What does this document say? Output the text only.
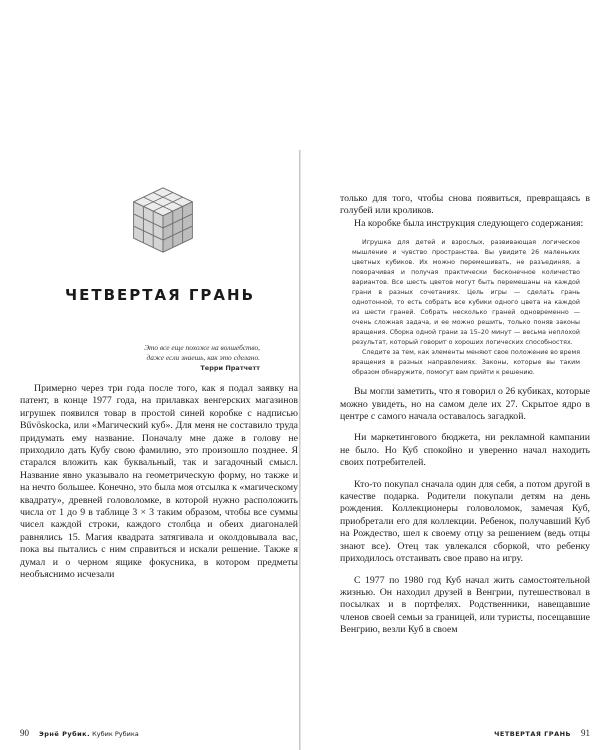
ЧЕТВЕРТАЯ ГРАНЬ

Это все еще похоже на волшебство,
даже если знаешь, как это сделано.

Терри Пратчетт

Примерно через три года после того, как я подал заявку на патент, в конце 1977 года, на прилавках венгерских магазинов игрушек появился товар в простой синей коробке с надписью Bűvöskocka, или «Магический куб». Для меня не составило труда придумать ему название. Поначалу мне даже в голову не приходило дать Кубу свою фамилию, это произошло позднее. Я старался вложить как буквальный, так и загадочный смысл. Название явно указывало на геометрическую форму, но также и на нечто большее. Конечно, это была моя отсылка к «магическому квадрату», древней головоломке, в которой нужно расположить числа от 1 до 9 в таблице 3 × 3 таким образом, чтобы все суммы чисел каждой строки, каждого столбца и обеих диагоналей равнялись 15. Магия квадрата затягивала и околдовывала вас, пока вы пытались с ним справиться и искали решение. Также я думал и о черном ящике фокусника, в котором предметы необъяснимо исчезали

90 Эрнё Рубик. Кубик Рубика

только для того, чтобы снова появиться, превращаясь в голубей или кроликов.

На коробке была инструкция следующего содержания:

Игрушка для детей и взрослых, развивающая логическое мышление и чувство пространства. Вы увидите 26 маленьких цветных кубиков. Их можно перемешивать, не разъединяя, а поворачивая и получая практически бесконечное количество вариантов. Все шесть цветов могут быть перемешаны на каждой грани в разных сочетаниях. Цель игры — сделать грань однотонной, то есть собрать все кубики одного цвета на каждой из шести граней. Собрать несколько граней одновременно — очень сложная задача, и ее можно решить, только поняв законы вращения. Сборка одной грани за 15–20 минут — весьма неплохой результат, который говорит о хороших логических способностях.

Следите за тем, как элементы меняют свое положение во время вращения в разных направлениях. Законы, которые вы таким образом обнаружите, помогут вам прийти к решению.

Вы могли заметить, что я говорил о 26 кубиках, которые можно увидеть, но на самом деле их 27. Скрытое ядро в центре с самого начала оставалось загадкой.

Ни маркетингового бюджета, ни рекламной кампании не было. Но Куб спокойно и уверенно начал находить своих потребителей.

Кто-то покупал сначала один для себя, а потом другой в качестве подарка. Родители покупали детям на день рождения. Коллекционеры головоломок, замечая Куб, приобретали его для коллекции. Ребенок, получавший Куб на Рождество, шел к своему отцу за решением (ведь отцы знают все). Отец так увлекался сборкой, что ребенку приходилось отстаивать свое право на игру.

С 1977 по 1980 год Куб начал жить самостоятельной жизнью. Он находил друзей в Венгрии, путешествовал в посылках и в портфелях. Родственники, навещавшие членов своей семьи за границей, или туристы, посещавшие Венгрию, везли Куб в своем

ЧЕТВЕРТАЯ ГРАНЬ 91
